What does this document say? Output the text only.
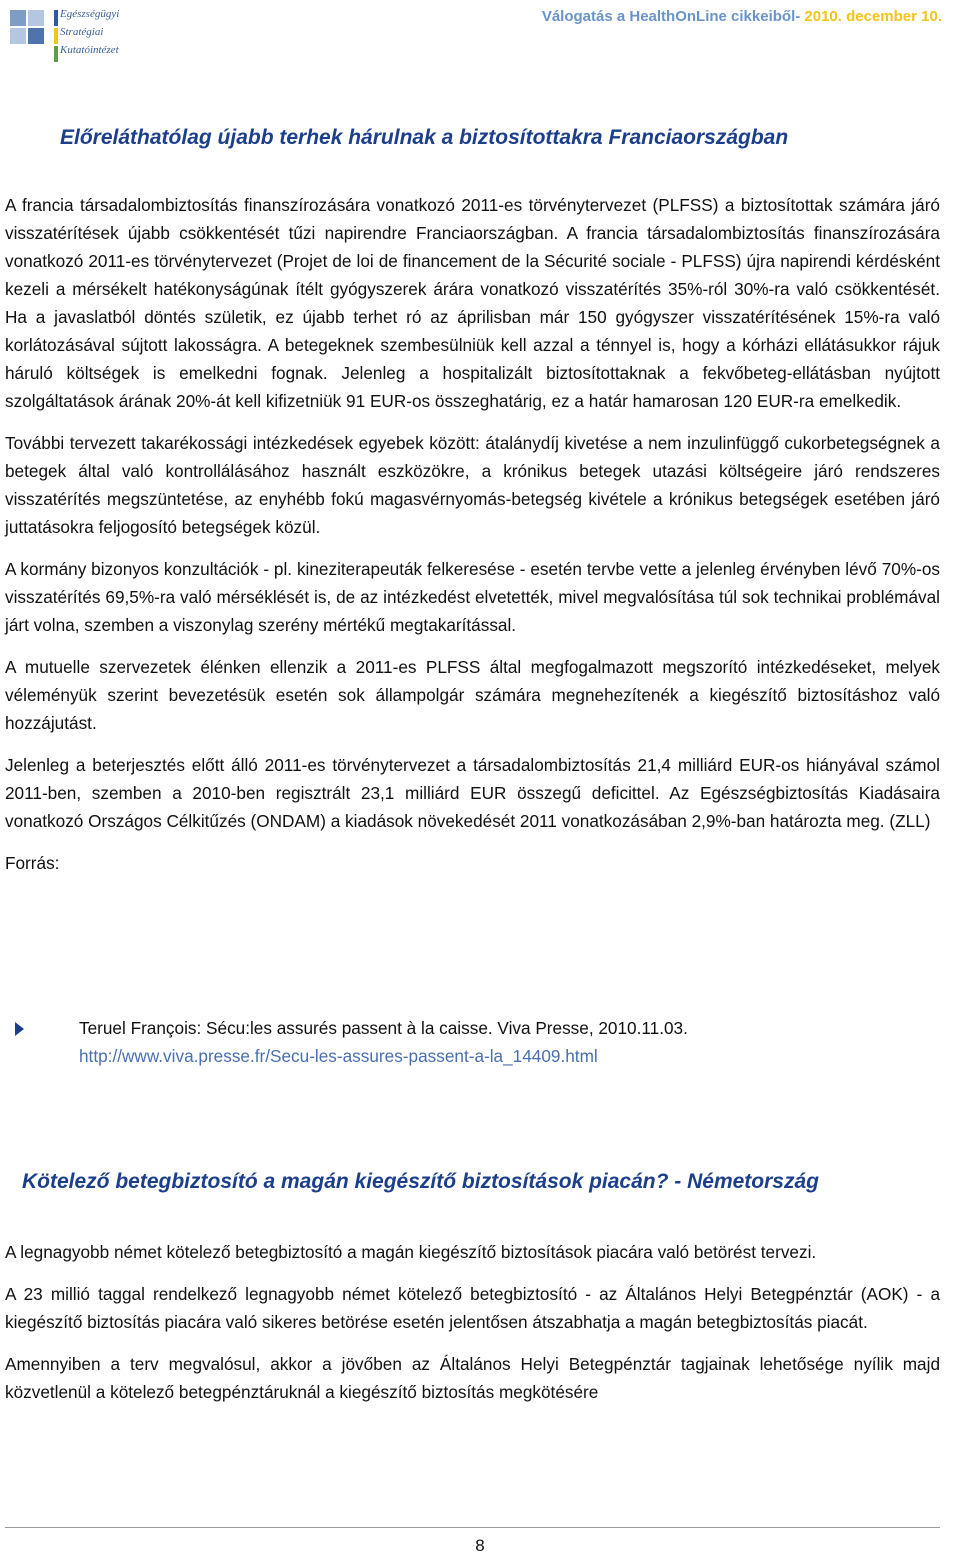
Egészségügyi
Stratégiai
Kutatóintézet
Válogatás a HealthOnLine cikkeiből- 2010. december 10.
Előreláthatólag újabb terhek hárulnak a biztosítottakra Franciaországban

A francia társadalombiztosítás finanszírozására vonatkozó 2011-es törvénytervezet (PLFSS) a biztosítottak számára járó visszatérítések újabb csökkentését tűzi napirendre Franciaországban. A francia társadalombiztosítás finanszírozására vonatkozó 2011-es törvénytervezet (Projet de loi de financement de la Sécurité sociale - PLFSS) újra napirendi kérdésként kezeli a mérsékelt hatékonyságúnak ítélt gyógyszerek árára vonatkozó visszatérítés 35%-ról 30%-ra való csökkentését. Ha a javaslatból döntés születik, ez újabb terhet ró az áprilisban már 150 gyógyszer visszatérítésének 15%-ra való korlátozásával sújtott lakosságra. A betegeknek szembesülniük kell azzal a ténnyel is, hogy a kórházi ellátásukkor rájuk háruló költségek is emelkedni fognak. Jelenleg a hospitalizált biztosítottaknak a fekvőbeteg-ellátásban nyújtott szolgáltatások árának 20%-át kell kifizetniük 91 EUR-os összeghatárig, ez a határ hamarosan 120 EUR-ra emelkedik.

További tervezett takarékossági intézkedések egyebek között: átalánydíj kivetése a nem inzulinfüggő cukorbetegségnek a betegek által való kontrollálásához használt eszközökre, a krónikus betegek utazási költségeire járó rendszeres visszatérítés megszüntetése, az enyhébb fokú magasvérnyomás-betegség kivétele a krónikus betegségek esetében járó juttatásokra feljogosító betegségek közül.

A kormány bizonyos konzultációk - pl. kineziterapeuták felkeresése - esetén tervbe vette a jelenleg érvényben lévő 70%-os visszatérítés 69,5%-ra való mérséklését is, de az intézkedést elvetették, mivel megvalósítása túl sok technikai problémával járt volna, szemben a viszonylag szerény mértékű megtakarítással.

A mutuelle szervezetek élénken ellenzik a 2011-es PLFSS által megfogalmazott megszorító intézkedéseket, melyek véleményük szerint bevezetésük esetén sok állampolgár számára megnehezítenék a kiegészítő biztosításhoz való hozzájutást.

Jelenleg a beterjesztés előtt álló 2011-es törvénytervezet a társadalombiztosítás 21,4 milliárd EUR-os hiányával számol 2011-ben, szemben a 2010-ben regisztrált 23,1 milliárd EUR összegű deficittel. Az Egészségbiztosítás Kiadásaira vonatkozó Országos Célkitűzés (ONDAM) a kiadások növekedését 2011 vonatkozásában 2,9%-ban határozta meg. (ZLL)

Forrás:

Teruel François: Sécu:les assurés passent à la caisse. Viva Presse, 2010.11.03.
http://www.viva.presse.fr/Secu-les-assures-passent-a-la_14409.html
Kötelező betegbiztosító a magán kiegészítő biztosítások piacán? - Németország

A legnagyobb német kötelező betegbiztosító a magán kiegészítő biztosítások piacára való betörést tervezi.

A 23 millió taggal rendelkező legnagyobb német kötelező betegbiztosító - az Általános Helyi Betegpénztár (AOK) - a kiegészítő biztosítás piacára való sikeres betörése esetén jelentősen átszabhatja a magán betegbiztosítás piacát.

Amennyiben a terv megvalósul, akkor a jövőben az Általános Helyi Betegpénztár tagjainak lehetősége nyílik majd közvetlenül a kötelező betegpénztáruknál a kiegészítő biztosítás megkötésére

8
